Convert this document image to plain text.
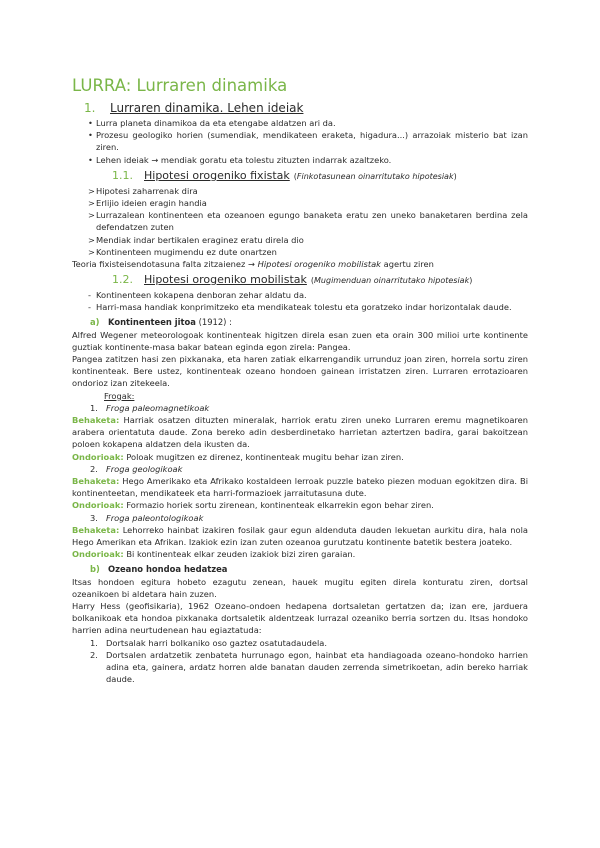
LURRA: Lurraren dinamika
1.	Lurraren dinamika. Lehen ideiak
• Lurra planeta dinamikoa da eta etengabe aldatzen ari da.
• Prozesu geologiko horien (sumendiak, mendikateen eraketa, higadura...) arrazoiak misterio bat izan ziren.
• Lehen ideiak → mendiak goratu eta tolestu zituzten indarrak azaltzeko.
1.1.	Hipotesi orogeniko fixistak (Finkotasunean oinarritutako hipotesiak)
> Hipotesi zaharrenak dira
> Erlijio ideien eragin handia
> Lurrazalean kontinenteen eta ozeanoen egungo banaketa eratu zen uneko banaketaren berdina zela defendatzen zuten
> Mendiak indar bertikalen eraginez eratu direla dio
> Kontinenteen mugimendu ez dute onartzen
Teoria fixisteisendotasuna falta zitzaienez → Hipotesi orogeniko mobilistak agertu ziren
1.2.	Hipotesi orogeniko mobilistak (Mugimenduan oinarritutako hipotesiak)
- Kontinenteen kokapena denboran zehar aldatu da.
- Harri-masa handiak konprimitzeko eta mendikateak tolestu eta goratzeko indar horizontalak daude.
a)	Kontinenteen jitoa (1912) :
Alfred Wegener meteorologoak kontinenteak higitzen direla esan zuen eta orain 300 milioi urte kontinente guztiak kontinente-masa bakar batean eginda egon zirela: Pangea.
Pangea zatitzen hasi zen pixkanaka, eta haren zatiak elkarrengandik urrunduz joan ziren, horrela sortu ziren kontinenteak. Bere ustez, kontinenteak ozeano hondoen gainean irristatzen ziren. Lurraren errotazioaren ondorioz izan zitekeela.
Frogak:
1. Froga paleomagnetikoak
Behaketa: Harriak osatzen dituzten mineralak, harriok eratu ziren uneko Lurraren eremu magnetikoaren arabera orientatuta daude. Zona bereko adin desberdinetako harrietan aztertzen badira, garai bakoitzean poloen kokapena aldatzen dela ikusten da.
Ondorioak: Poloak mugitzen ez direnez, kontinenteak mugitu behar izan ziren.
2. Froga geologikoak
Behaketa: Hego Amerikako eta Afrikako kostaldeen lerroak puzzle bateko piezen moduan egokitzen dira. Bi kontinenteetan, mendikateek eta harri-formazioek jarraitutasuna dute.
Ondorioak: Formazio horiek sortu zirenean, kontinenteak elkarrekin egon behar ziren.
3. Froga paleontologikoak
Behaketa: Lehorreko hainbat izakiren fosilak gaur egun aldenduta dauden lekuetan aurkitu dira, hala nola Hego Amerikan eta Afrikan. Izakiok ezin izan zuten ozeanoa gurutzatu kontinente batetik bestera joateko.
Ondorioak: Bi kontinenteak elkar zeuden izakiok bizi ziren garaian.
b) Ozeano hondoa hedatzea
Itsas hondoen egitura hobeto ezagutu zenean, hauek mugitu egiten direla konturatu ziren, dortsal ozeanikoen bi aldetara hain zuzen.
Harry Hess (geofisikaria), 1962 Ozeano-ondoen hedapena dortsaletan gertatzen da; izan ere, jarduera bolkanikoak eta hondoa pixkanaka dortsaletik aldentzeak lurrazal ozeaniko berria sortzen du. Itsas hondoko harrien adina neurtudenean hau egiaztatuda:
1. Dortsalak harri bolkaniko oso gaztez osatutadaudela.
2. Dortsalen ardatzetik zenbateta hurrunago egon, hainbat eta handiagoada ozeano-hondoko harrien adina eta, gainera, ardatz horren alde banatan dauden zerrenda simetrikoetan, adin bereko harriak daude.
